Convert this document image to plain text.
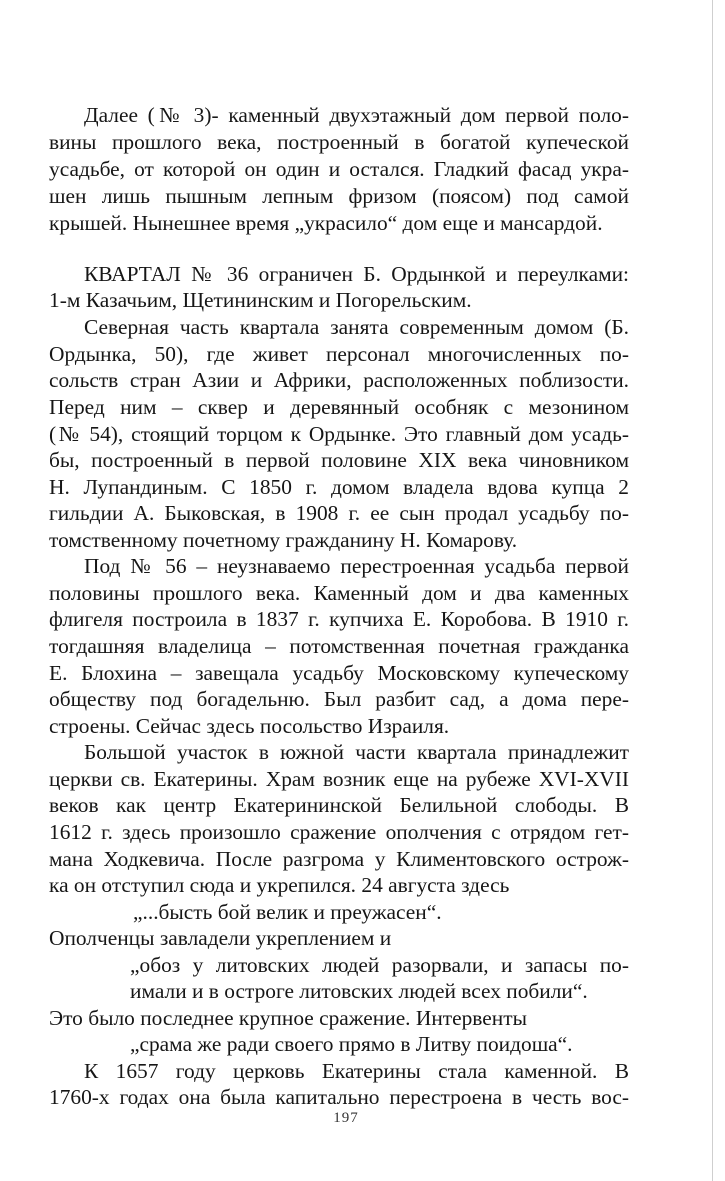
Далее (№ 3)- каменный двухэтажный дом первой поло-
вины прошлого века, построенный в богатой купеческой
усадьбе, от которой он один и остался. Гладкий фасад укра-
шен лишь пышным лепным фризом (поясом) под самой
крышей. Нынешнее время „украсило“ дом еще и мансардой.
КВАРТАЛ № 36 ограничен Б. Ордынкой и переулками:
1-м Казачьим, Щетининским и Погорельским.
Северная часть квартала занята современным домом (Б.
Ордынка, 50), где живет персонал многочисленных по-
сольств стран Азии и Африки, расположенных поблизости.
Перед ним – сквер и деревянный особняк с мезонином
(№ 54), стоящий торцом к Ордынке. Это главный дом усадь-
бы, построенный в первой половине XIX века чиновником
Н. Лупандиным. С 1850 г. домом владела вдова купца 2
гильдии А. Быковская, в 1908 г. ее сын продал усадьбу по-
томственному почетному гражданину Н. Комарову.
Под № 56 – неузнаваемо перестроенная усадьба первой
половины прошлого века. Каменный дом и два каменных
флигеля построила в 1837 г. купчиха Е. Коробова. В 1910 г.
тогдашняя владелица – потомственная почетная гражданка
Е. Блохина – завещала усадьбу Московскому купеческому
обществу под богадельню. Был разбит сад, а дома пере-
строены. Сейчас здесь посольство Израиля.
Большой участок в южной части квартала принадлежит
церкви св. Екатерины. Храм возник еще на рубеже XVI-XVII
веков как центр Екатерининской Белильной слободы. В
1612 г. здесь произошло сражение ополчения с отрядом гет-
мана Ходкевича. После разгрома у Климентовского острож-
ка он отступил сюда и укрепился. 24 августа здесь
„...бысть бой велик и преужасен“.
Ополченцы завладели укреплением и
„обоз у литовских людей разорвали, и запасы по-
имали и в остроге литовских людей всех побили“.
Это было последнее крупное сражение. Интервенты
„срама же ради своего прямо в Литву поидоша“.
К 1657 году церковь Екатерины стала каменной. В
1760-х годах она была капитально перестроена в честь вос-
197
